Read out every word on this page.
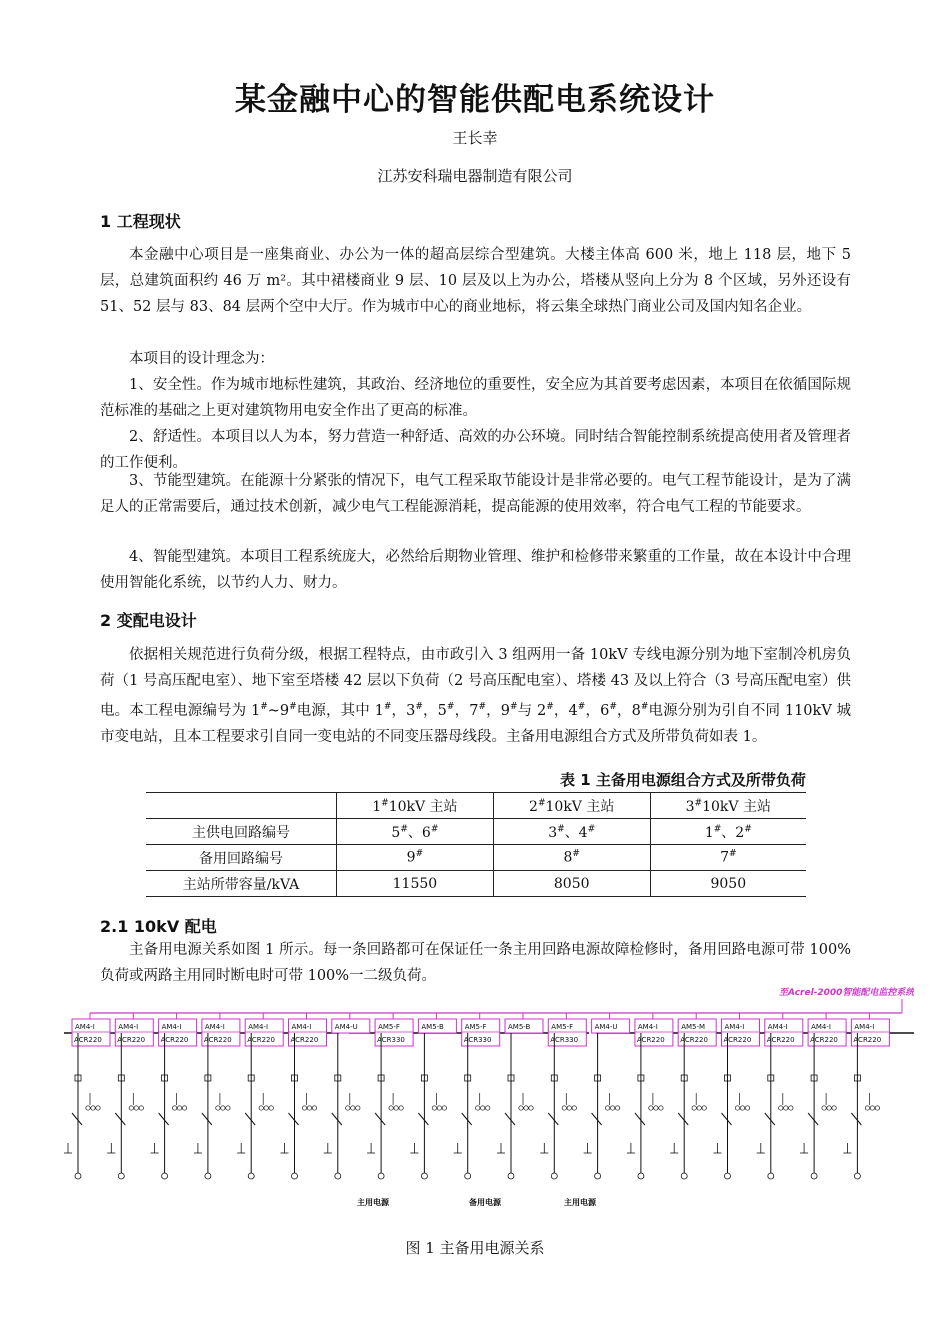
某金融中心的智能供配电系统设计
王长幸
江苏安科瑞电器制造有限公司
1 工程现状

本金融中心项目是一座集商业、办公为一体的超高层综合型建筑。大楼主体高 600 米，地上 118 层，地下 5 层，总建筑面积约 46 万 m²。其中裙楼商业 9 层、10 层及以上为办公，塔楼从竖向上分为 8 个区域，另外还设有 51、52 层与 83、84 层两个空中大厅。作为城市中心的商业地标，将云集全球热门商业公司及国内知名企业。

本项目的设计理念为：

1、安全性。作为城市地标性建筑，其政治、经济地位的重要性，安全应为其首要考虑因素，本项目在依循国际规范标准的基础之上更对建筑物用电安全作出了更高的标准。

2、舒适性。本项目以人为本，努力营造一种舒适、高效的办公环境。同时结合智能控制系统提高使用者及管理者的工作便利。

3、节能型建筑。在能源十分紧张的情况下，电气工程采取节能设计是非常必要的。电气工程节能设计，是为了满足人的正常需要后，通过技术创新，减少电气工程能源消耗，提高能源的使用效率，符合电气工程的节能要求。

4、智能型建筑。本项目工程系统庞大，必然给后期物业管理、维护和检修带来繁重的工作量，故在本设计中合理使用智能化系统，以节约人力、财力。

2 变配电设计

依据相关规范进行负荷分级，根据工程特点，由市政引入 3 组两用一备 10kV 专线电源分别为地下室制冷机房负荷（1 号高压配电室）、地下室至塔楼 42 层以下负荷（2 号高压配电室）、塔楼 43 及以上符合（3 号高压配电室）供电。本工程电源编号为 1#~9#电源，其中 1#，3#，5#，7#，9#与 2#，4#，6#，8#电源分别为引自不同 110kV 城市变电站，且本工程要求引自同一变电站的不同变压器母线段。主备用电源组合方式及所带负荷如表 1。

表 1 主备用电源组合方式及所带负荷
	1#10kV 主站	2#10kV 主站	3#10kV 主站
主供电回路编号	5#、6#	3#、4#	1#、2#
备用回路编号	9#	8#	7#
主站所带容量/kVA	11550	8050	9050
2.1 10kV 配电

主备用电源关系如图 1 所示。每一条回路都可在保证任一条主用回路电源故障检修时，备用回路电源可带 100%负荷或两路主用同时断电时可带 100%一二级负荷。

至Acrel-2000智能配电监控系统
AM4-I
ACR220
AM4-I
ACR220
AM4-I
ACR220
AM4-I
ACR220
AM4-I
ACR220
AM4-I
ACR220
AM4-U	AM5-F
ACR330
AM5-B	AM5-F
ACR330
AM5-B	AM5-F
ACR330
AM4-U	AM4-I
ACR220
AM5-M
ACR220
AM4-I
ACR220
AM4-I
ACR220
AM4-I
ACR220
AM4-I
ACR220
主用电源	备用电源	主用电源
图 1 主备用电源关系
